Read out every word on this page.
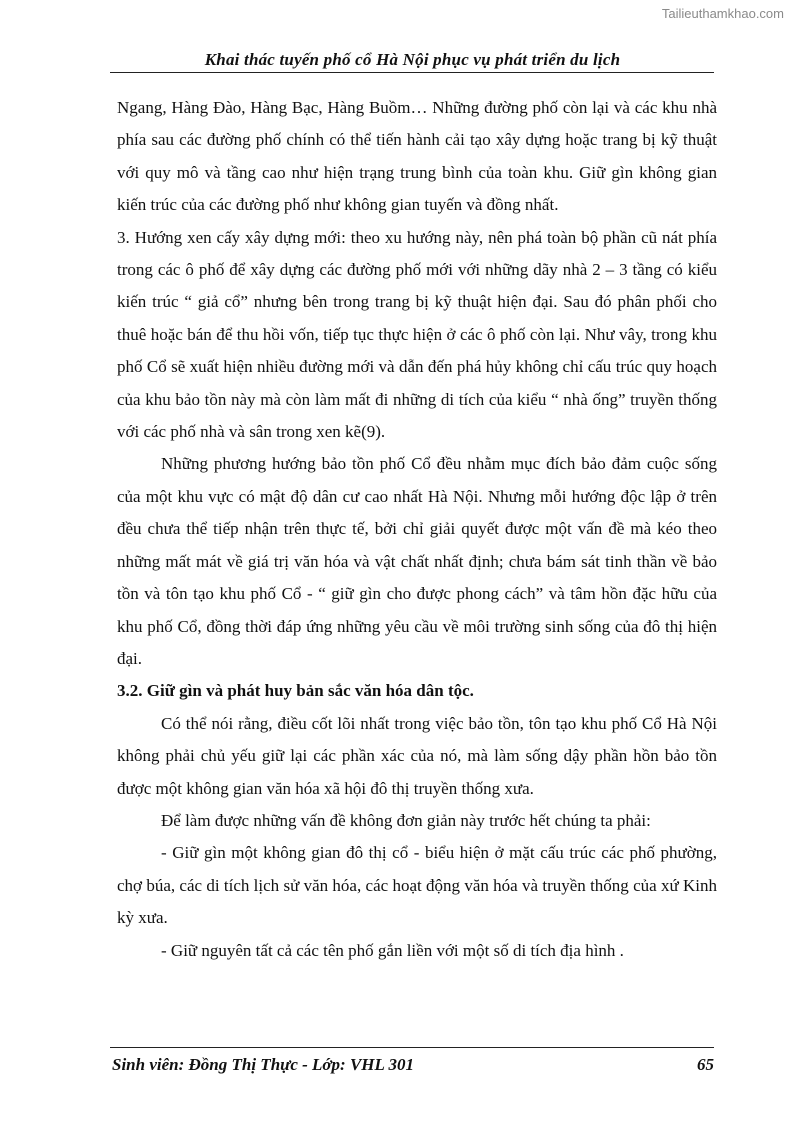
Tailieuthamkhao.com
Khai thác tuyến phố cổ Hà Nội phục vụ phát triển du lịch

Ngang, Hàng Đào, Hàng Bạc, Hàng Buồm… Những đường phố còn lại và các khu nhà phía sau các đường phố chính có thể tiến hành cải tạo xây dựng hoặc trang bị kỹ thuật với quy mô và tầng cao như hiện trạng trung bình của toàn khu. Giữ gìn không gian kiến trúc của các đường phố như không gian tuyến và đồng nhất.

3. Hướng xen cấy xây dựng mới: theo xu hướng này, nên phá toàn bộ phần cũ nát phía trong các ô phố để xây dựng các đường phố mới với những dãy nhà 2 – 3 tầng có kiểu kiến trúc “ giả cổ” nhưng bên trong trang bị kỹ thuật hiện đại. Sau đó phân phối cho thuê hoặc bán để thu hồi vốn, tiếp tục thực hiện ở các ô phố còn lại. Như vây, trong khu phố Cổ sẽ xuất hiện nhiều đường mới và dẫn đến phá hủy không chỉ cấu trúc quy hoạch của khu bảo tồn này mà còn làm mất đi những di tích của kiểu “ nhà ống” truyền thống với các phố nhà và sân trong xen kẽ(9).

Những phương hướng bảo tồn phố Cổ đều nhằm mục đích bảo đảm cuộc sống của một khu vực có mật độ dân cư cao nhất Hà Nội. Nhưng mỗi hướng độc lập ở trên đều chưa thể tiếp nhận trên thực tế, bởi chỉ giải quyết được một vấn đề mà kéo theo những mất mát về giá trị văn hóa và vật chất nhất định; chưa bám sát tinh thần về bảo tồn và tôn tạo khu phố Cổ - “ giữ gìn cho được phong cách” và tâm hồn đặc hữu của khu phố Cổ, đồng thời đáp ứng những yêu cầu về môi trường sinh sống của đô thị hiện đại.

3.2. Giữ gìn và phát huy bản sắc văn hóa dân tộc.

Có thể nói rằng, điều cốt lõi nhất trong việc bảo tồn, tôn tạo khu phố Cổ Hà Nội không phải chủ yếu giữ lại các phần xác của nó, mà làm sống dậy phần hồn bảo tồn được một không gian văn hóa xã hội đô thị truyền thống xưa.

Để làm được những vấn đề không đơn giản này trước hết chúng ta phải:

- Giữ gìn một không gian đô thị cổ - biểu hiện ở mặt cấu trúc các phố phường, chợ búa, các di tích lịch sử văn hóa, các hoạt động văn hóa và truyền thống của xứ Kinh kỳ xưa.

- Giữ nguyên tất cả các tên phố gắn liền với một số di tích địa hình .

Sinh viên: Đồng Thị Thực - Lớp: VHL 301	65
